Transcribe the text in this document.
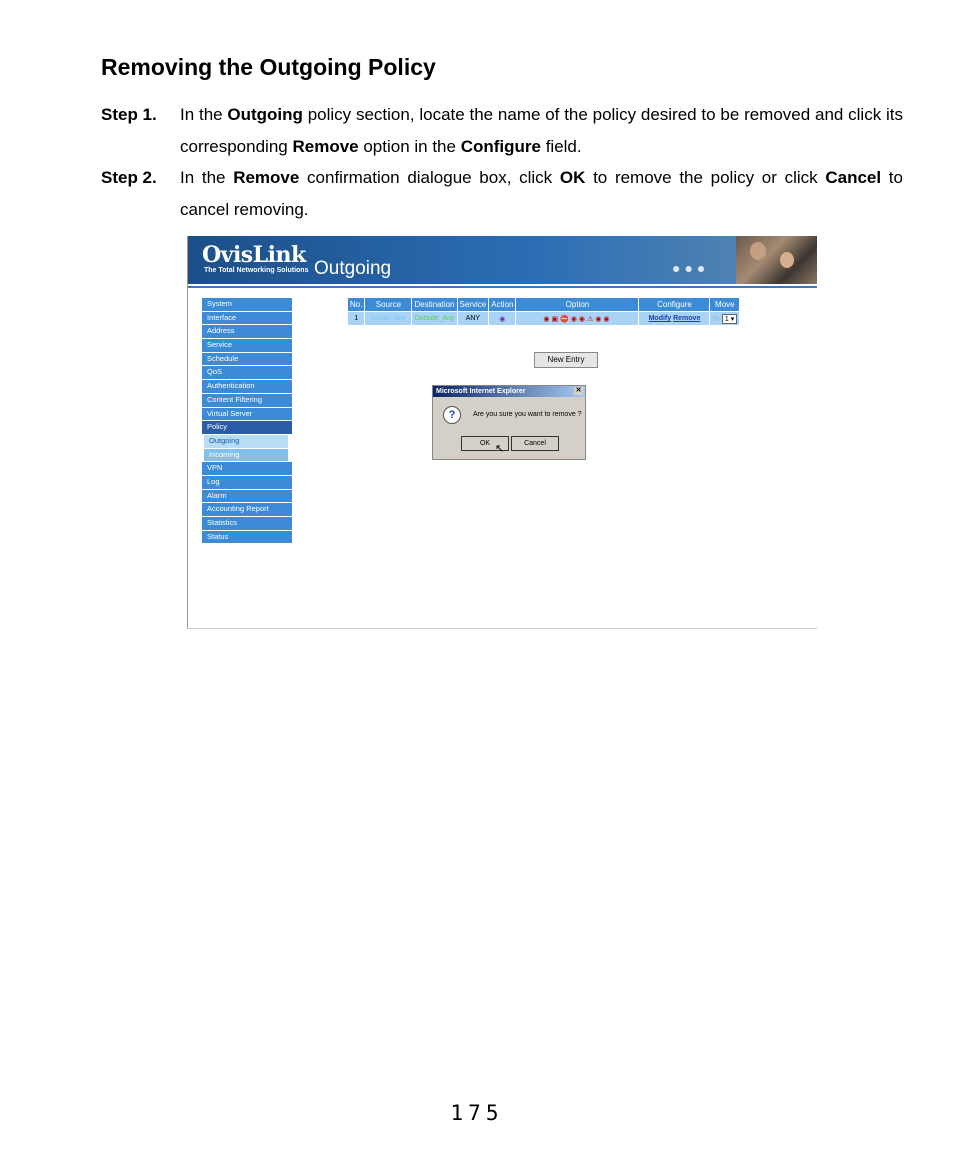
Removing the Outgoing Policy
Step 1. In the Outgoing policy section, locate the name of the policy desired to be removed and click its corresponding Remove option in the Configure field.
Step 2. In the Remove confirmation dialogue box, click OK to remove the policy or click Cancel to cancel removing.
OvisLink
The Total Networking Solutions Outgoing	●●●
System
Interface
Address
Service
Schedule
QoS
Authentication
Content Filtering
Virtual Server
Policy
Outgoing
Incoming
VPN
Log
Alarm
Accounting Report
Statistics
Status
No.	Source	Destination	Service	Action	Option	Configure	Move
1	Inside_Any	Outside_Any	ANY	◉	◉▣⛔◉◉⚠◉◉	Modify Remove	To 1 ▾
New Entry
Microsoft Internet Explorer	✕
?	Are you sure you want to remove ?
OK	Cancel
↖
175
